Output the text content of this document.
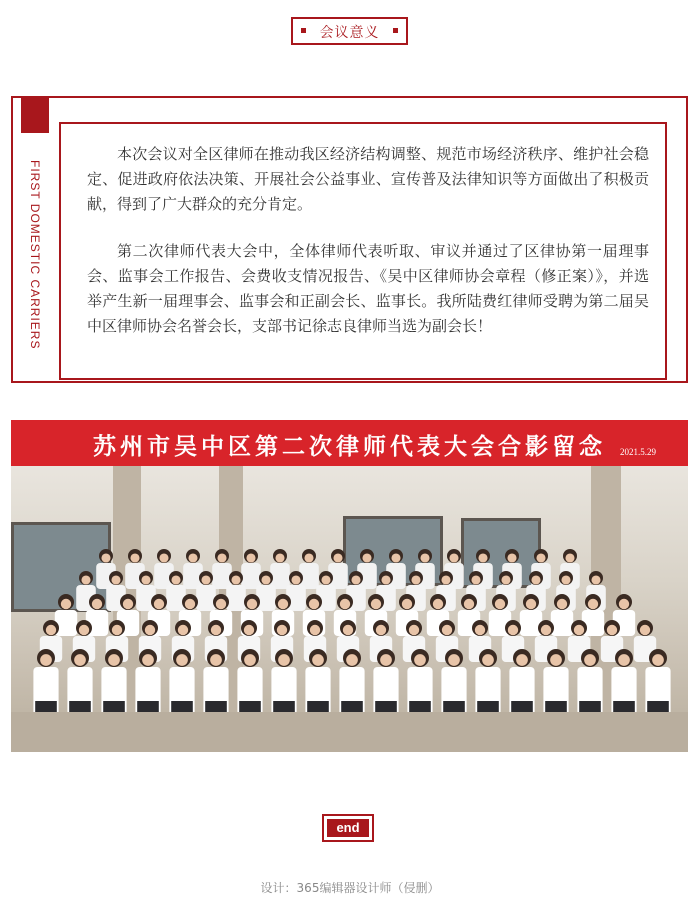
会议意义
FIRST DOMESTIC CARRIERS

本次会议对全区律师在推动我区经济结构调整、规范市场经济秩序、维护社会稳定、促进政府依法决策、开展社会公益事业、宣传普及法律知识等方面做出了积极贡献，得到了广大群众的充分肯定。

第二次律师代表大会中，全体律师代表听取、审议并通过了区律协第一届理事会、监事会工作报告、会费收支情况报告、《吴中区律师协会章程（修正案）》，并选举产生新一届理事会、监事会和正副会长、监事长。我所陆费红律师受聘为第二届吴中区律师协会名誉会长，支部书记徐志良律师当选为副会长！

苏州市吴中区第二次律师代表大会合影留念	2021.5.29
end
设计：365编辑器设计师（侵删）
